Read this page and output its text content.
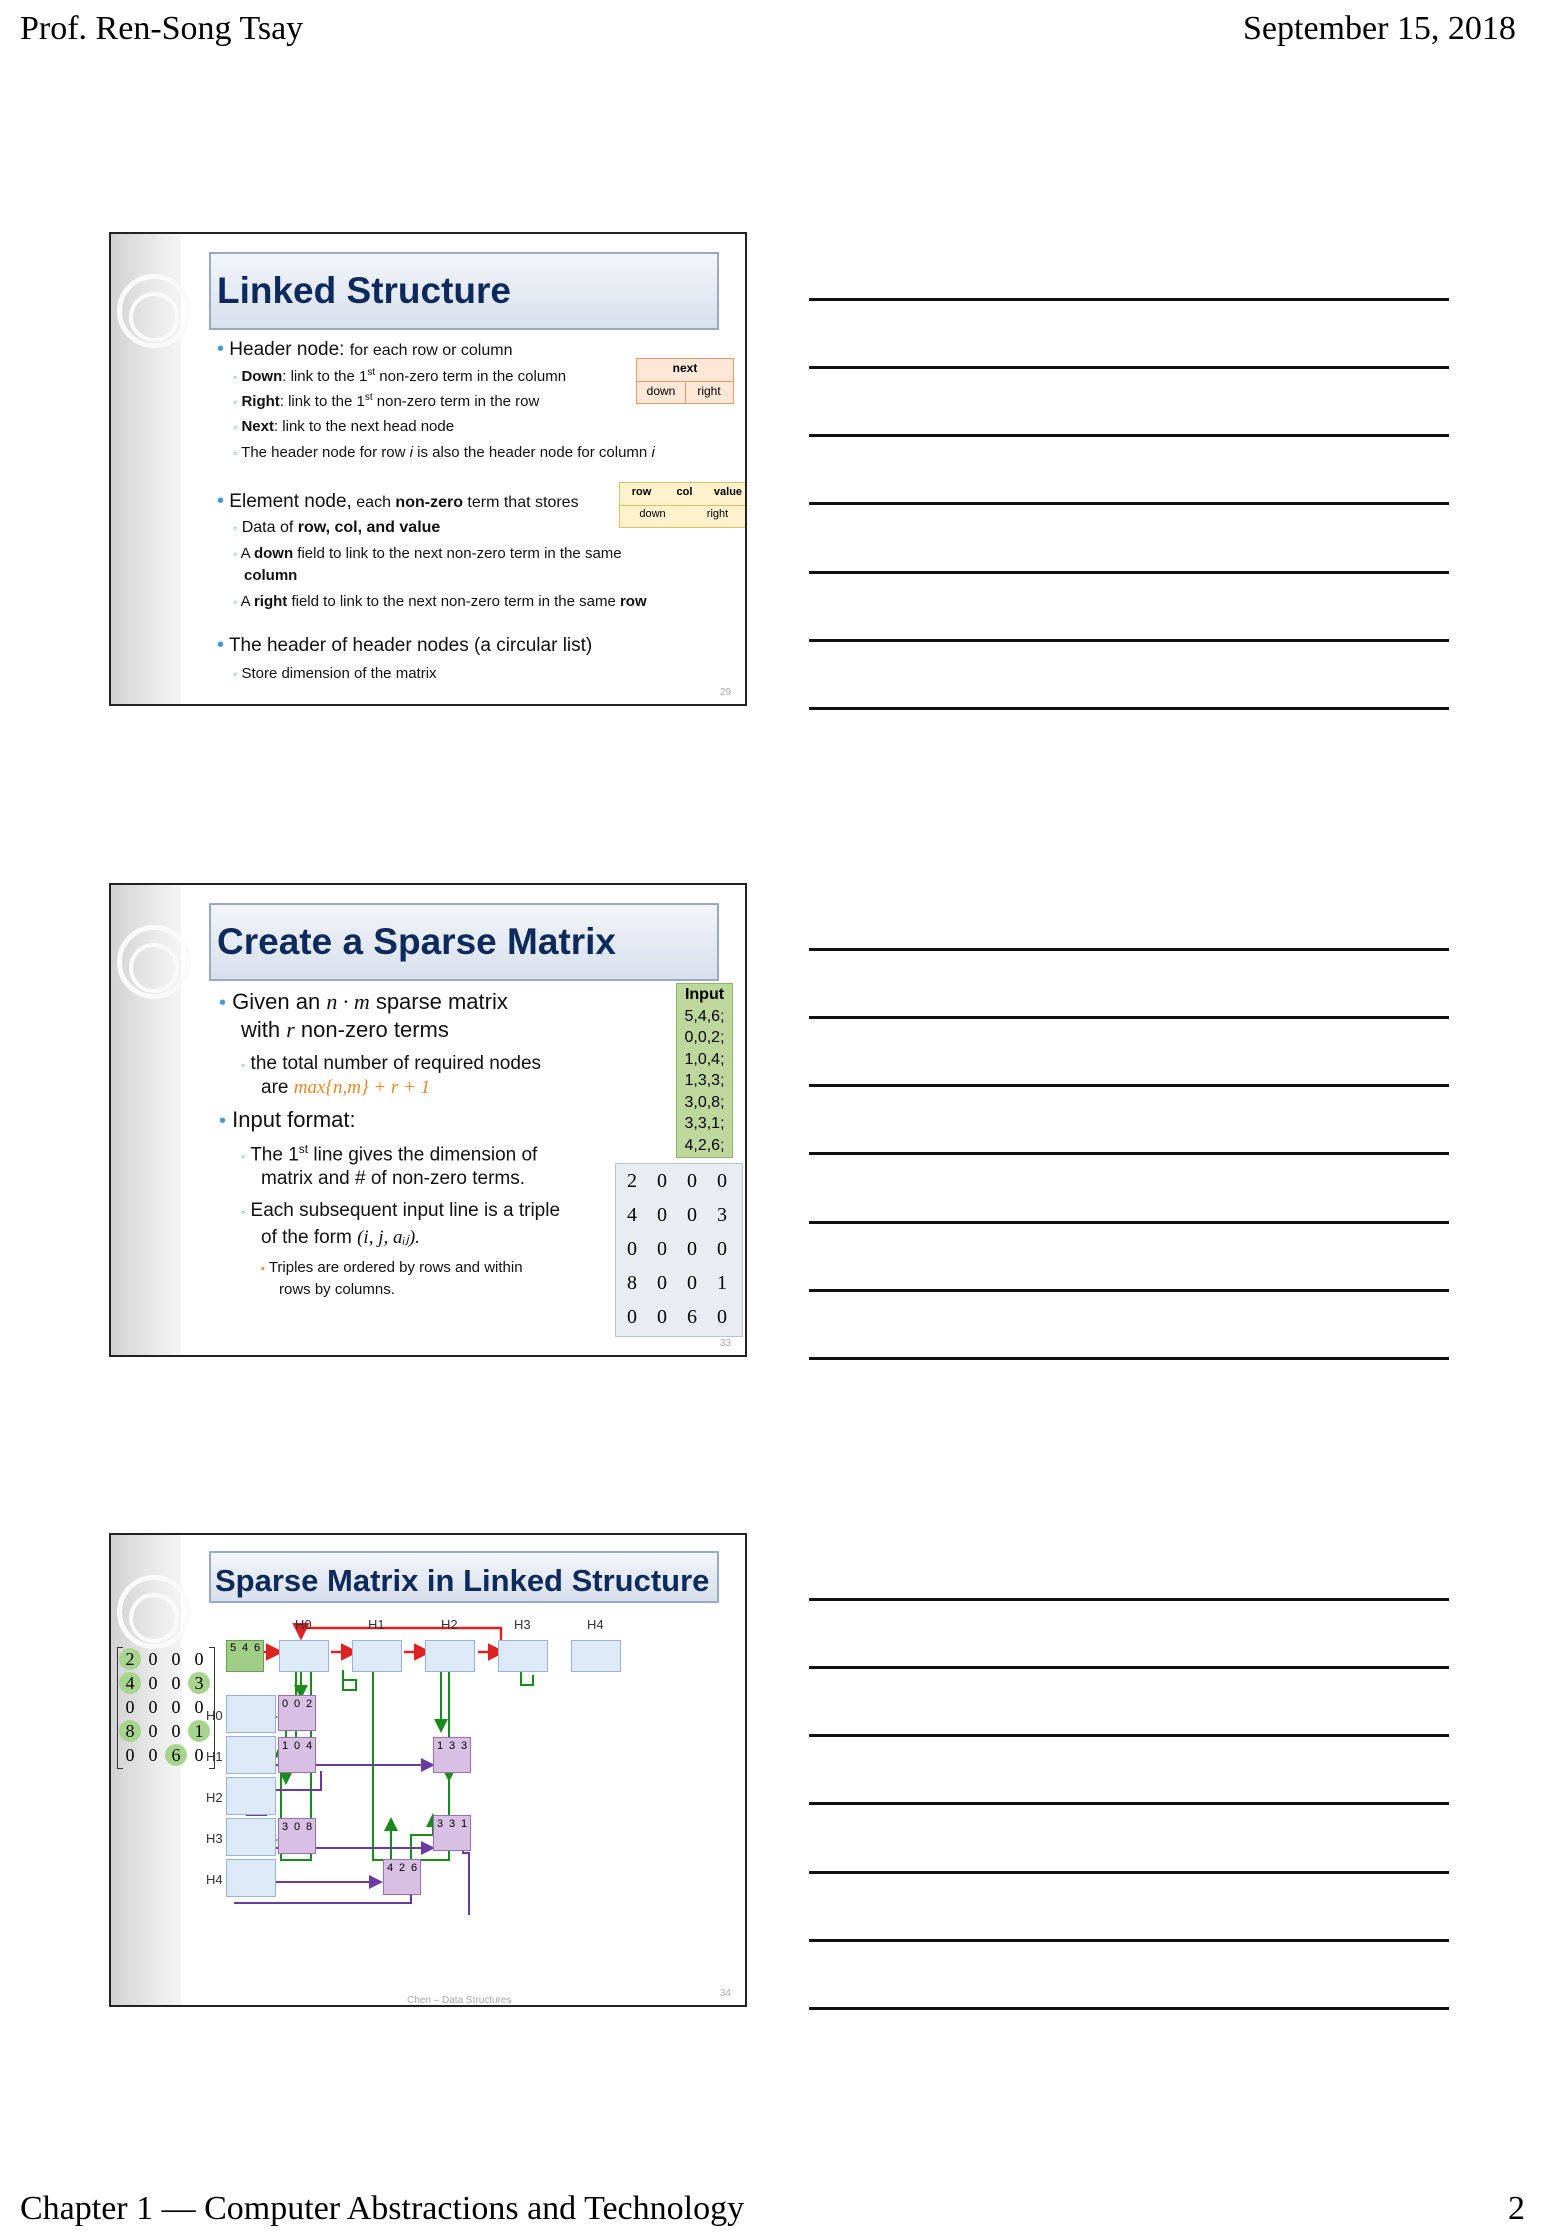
Prof. Ren-Song Tsay	September 15, 2018
Linked Structure
• Header node: for each row or column
◦ Down: link to the 1st non-zero term in the column
◦ Right: link to the 1st non-zero term in the row
◦ Next: link to the next head node
◦ The header node for row i is also the header node for column i
next
down	right
• Element node, each non-zero term that stores
row	col	value
down	right
◦ Data of row, col, and value
◦ A down field to link to the next non-zero term in the same
column
◦ A right field to link to the next non-zero term in the same row
• The header of header nodes (a circular list)
◦ Store dimension of the matrix
29
Create a Sparse Matrix
• Given an n · m sparse matrix
with r non-zero terms
◦ the total number of required nodes
are max{n,m} + r + 1
• Input format:
◦ The 1st line gives the dimension of
matrix and # of non-zero terms.
◦ Each subsequent input line is a triple
of the form (i, j, aᵢⱼ).
▪ Triples are ordered by rows and within
rows by columns.
Input
5,4,6;
0,0,2;
1,0,4;
1,3,3;
3,0,8;
3,3,1;
4,2,6;
2	0	0	0
4	0	0	3
0	0	0	0
8	0	0	1
0	0	6	0
33
Sparse Matrix in Linked Structure
5 4 6
H0	H1	H2	H3	H4
H0
H1
H2
H3
H4
0 0 2
1 0 4	1 3 3
3 0 8	3 3 1
4 2 6
2 0 0 0
4 0 0 3
0 0 0 0
8 0 0 1
0 0 6 0
Chen – Data Structures
34
Chapter 1 — Computer Abstractions and Technology	2
